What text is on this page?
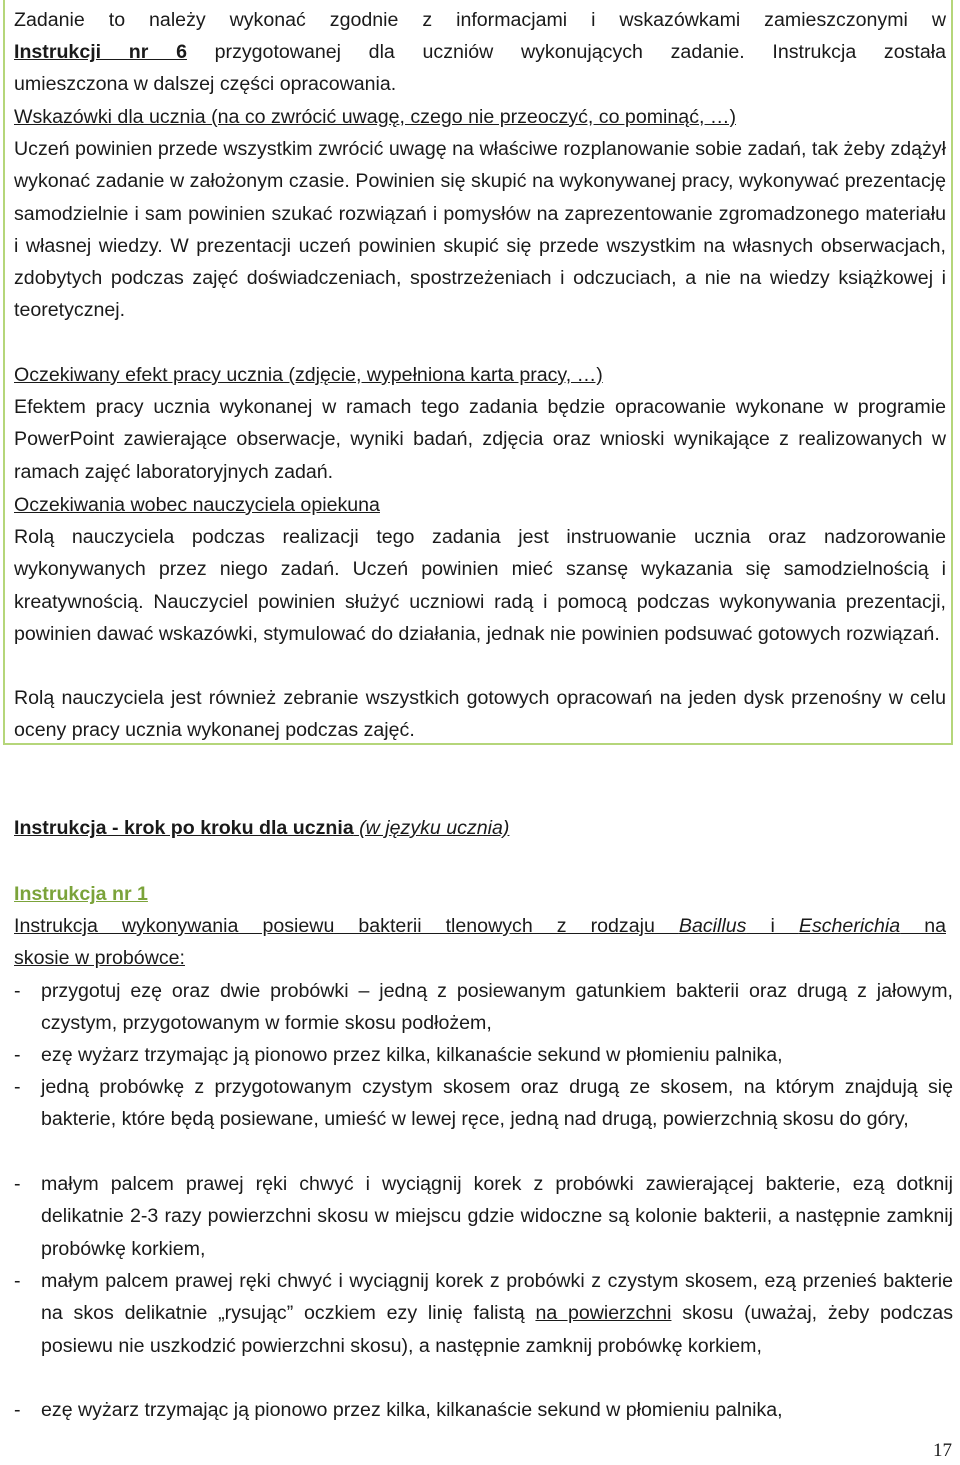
Zadanie to należy wykonać zgodnie z informacjami i wskazówkami zamieszczonymi w
Instrukcji nr 6 przygotowanej dla uczniów wykonujących zadanie. Instrukcja została
umieszczona w dalszej części opracowania.
Wskazówki dla ucznia (na co zwrócić uwagę, czego nie przeoczyć, co pominąć, …)
Uczeń powinien przede wszystkim zwrócić uwagę na właściwe rozplanowanie sobie zadań, tak żeby zdążył wykonać zadanie w założonym czasie. Powinien się skupić na wykonywanej pracy, wykonywać prezentację samodzielnie i sam powinien szukać rozwiązań i pomysłów na zaprezentowanie zgromadzonego materiału i własnej wiedzy. W prezentacji uczeń powinien skupić się przede wszystkim na własnych obserwacjach, zdobytych podczas zajęć doświadczeniach, spostrzeżeniach i odczuciach, a nie na wiedzy książkowej i teoretycznej.
Oczekiwany efekt pracy ucznia (zdjęcie, wypełniona karta pracy, …)
Efektem pracy ucznia wykonanej w ramach tego zadania będzie opracowanie wykonane w programie PowerPoint zawierające obserwacje, wyniki badań, zdjęcia oraz wnioski wynikające z realizowanych w ramach zajęć laboratoryjnych zadań.
Oczekiwania wobec nauczyciela opiekuna
Rolą nauczyciela podczas realizacji tego zadania jest instruowanie ucznia oraz nadzorowanie wykonywanych przez niego zadań. Uczeń powinien mieć szansę wykazania się samodzielnością i kreatywnością. Nauczyciel powinien służyć uczniowi radą i pomocą podczas wykonywania prezentacji, powinien dawać wskazówki, stymulować do działania, jednak nie powinien podsuwać gotowych rozwiązań.
Rolą nauczyciela jest również zebranie wszystkich gotowych opracowań na jeden dysk przenośny w celu oceny pracy ucznia wykonanej podczas zajęć.
Instrukcja - krok po kroku dla ucznia (w języku ucznia)
Instrukcja nr 1
Instrukcja wykonywania posiewu bakterii tlenowych z rodzaju Bacillus i Escherichia na
skosie w probówce:
- przygotuj ezę oraz dwie probówki – jedną z posiewanym gatunkiem bakterii oraz drugą z jałowym, czystym, przygotowanym w formie skosu podłożem,
- ezę wyżarz trzymając ją pionowo przez kilka, kilkanaście sekund w płomieniu palnika,
- jedną probówkę z przygotowanym czystym skosem oraz drugą ze skosem, na którym znajdują się bakterie, które będą posiewane, umieść w lewej ręce, jedną nad drugą, powierzchnią skosu do góry,
- małym palcem prawej ręki chwyć i wyciągnij korek z probówki zawierającej bakterie, ezą dotknij delikatnie 2-3 razy powierzchni skosu w miejscu gdzie widoczne są kolonie bakterii, a następnie zamknij probówkę korkiem,
- małym palcem prawej ręki chwyć i wyciągnij korek z probówki z czystym skosem, ezą przenieś bakterie na skos delikatnie „rysując” oczkiem ezy linię falistą na powierzchni skosu (uważaj, żeby podczas posiewu nie uszkodzić powierzchni skosu), a następnie zamknij probówkę korkiem,
- ezę wyżarz trzymając ją pionowo przez kilka, kilkanaście sekund w płomieniu palnika,
17
